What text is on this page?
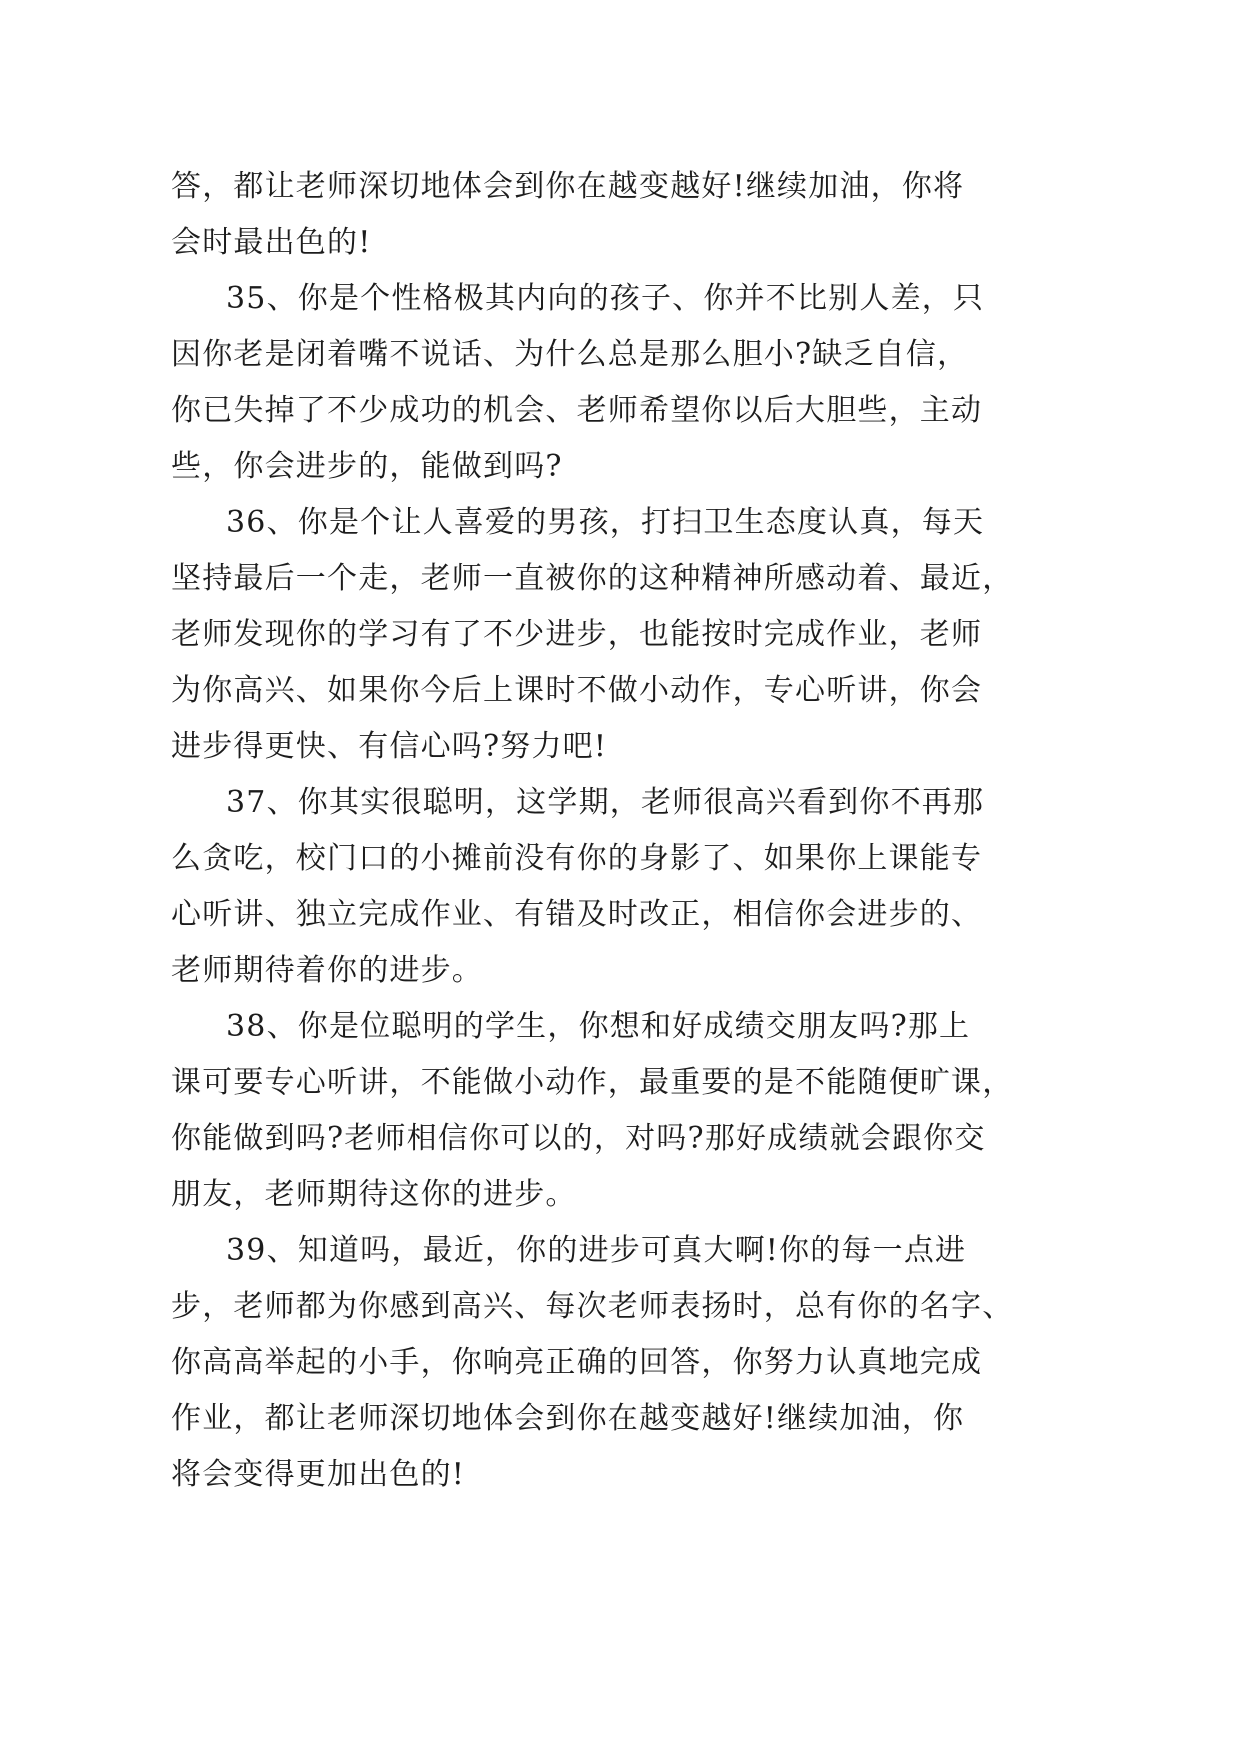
答，都让老师深切地体会到你在越变越好!继续加油，你将
会时最出色的!
35、你是个性格极其内向的孩子、你并不比别人差，只
因你老是闭着嘴不说话、为什么总是那么胆小?缺乏自信，
你已失掉了不少成功的机会、老师希望你以后大胆些，主动
些，你会进步的，能做到吗?
36、你是个让人喜爱的男孩，打扫卫生态度认真，每天
坚持最后一个走，老师一直被你的这种精神所感动着、最近，
老师发现你的学习有了不少进步，也能按时完成作业，老师
为你高兴、如果你今后上课时不做小动作，专心听讲，你会
进步得更快、有信心吗?努力吧!
37、你其实很聪明，这学期，老师很高兴看到你不再那
么贪吃，校门口的小摊前没有你的身影了、如果你上课能专
心听讲、独立完成作业、有错及时改正，相信你会进步的、
老师期待着你的进步。
38、你是位聪明的学生，你想和好成绩交朋友吗?那上
课可要专心听讲，不能做小动作，最重要的是不能随便旷课，
你能做到吗?老师相信你可以的，对吗?那好成绩就会跟你交
朋友，老师期待这你的进步。
39、知道吗，最近，你的进步可真大啊!你的每一点进
步，老师都为你感到高兴、每次老师表扬时，总有你的名字、
你高高举起的小手，你响亮正确的回答，你努力认真地完成
作业，都让老师深切地体会到你在越变越好!继续加油，你
将会变得更加出色的!
